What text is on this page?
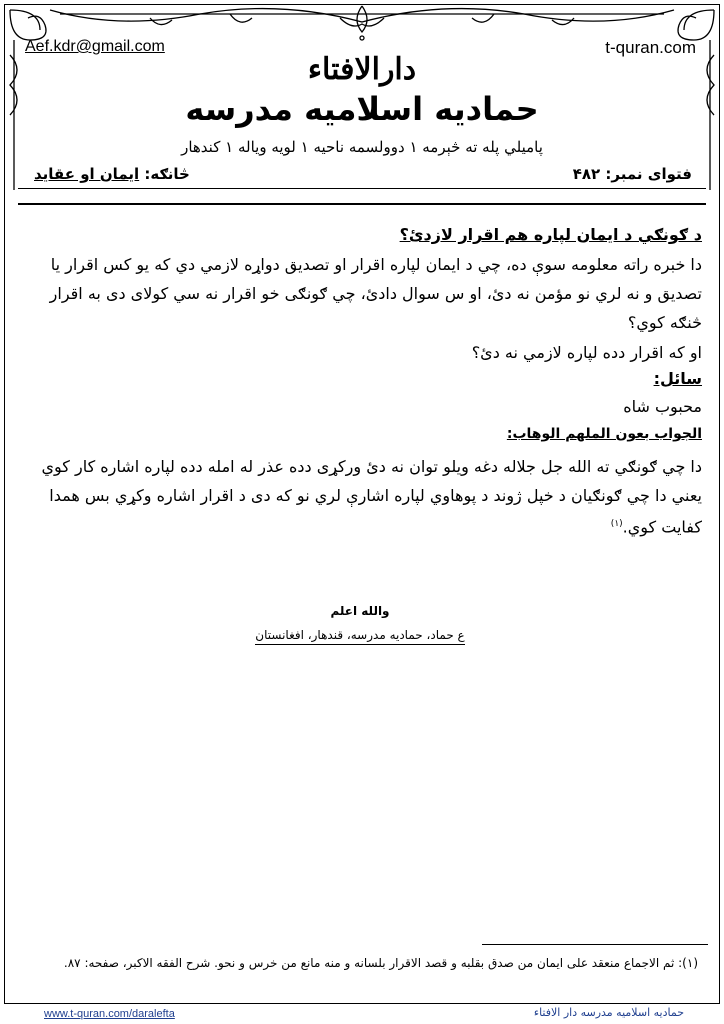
Aef.kdr@gmail.com	t-quran.com
دارالافتاء
حمادیه اسلامیه مدرسه
پامیلي پله ته څېرمه ۱ دوولسمه ناحیه ۱ لویه ویاله ۱ کندهار
فتوای نمبر: ۴۸۲
څانګه: ایمان او عقاید
د ګونګي د ایمان لپاره هم اقرار لازدئ؟
دا خبره راته معلومه سوې ده، چي د ایمان لپاره اقرار او تصدیق دواړه لازمي دي که یو کس اقرار یا تصدیق و نه لري نو مؤمن نه دئ، او س سوال دادئ، چي ګونګی خو اقرار نه سي کولای دی به اقرار څنګه کوي؟
او که اقرار دده لپاره لازمي نه دئ؟
سائل:
محبوب شاه
الجواب بعون الملهم الوهاب:
دا چي ګونګي ته الله جل جلاله دغه ویلو توان نه دئ ورکړی دده عذر له امله دده لپاره اشاره کار کوي یعني دا چي ګونګیان د خپل ژوند د پوهاوي لپاره اشارې لري نو که دی د اقرار اشاره وکړي بس همدا کفایت کوي.$^{(۱)}$
والله اعلم
ع حماد، حمادیه مدرسه، قندهار، افغانستان
(۱): ثم الاجماع منعقد على ایمان من صدق بقلبه و قصد الاقرار بلسانه و منه مانع من خرس و نحو. شرح الفقه الاکبر، صفحه: ۸۷.
www.t-quran.com/daralefta	حمادیه اسلامیه مدرسه دار الافتاء
